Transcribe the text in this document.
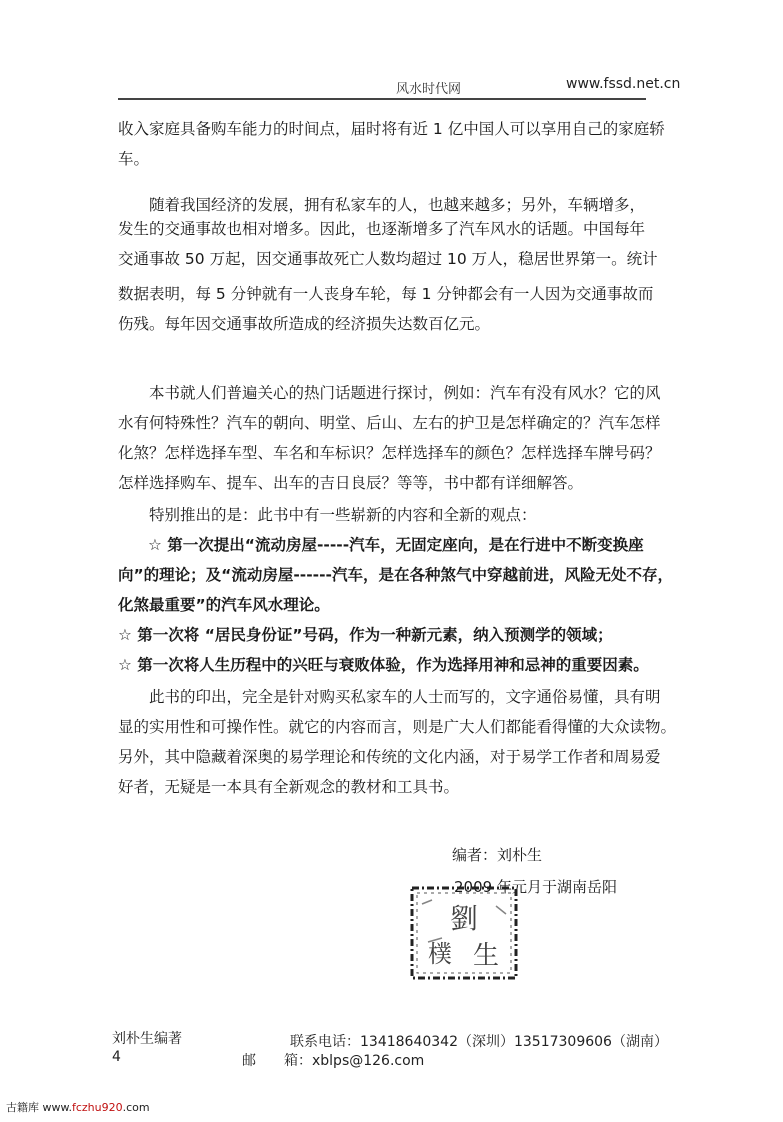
风水时代网	www.fssd.net.cn
收入家庭具备购车能力的时间点，届时将有近 1 亿中国人可以享用自己的家庭轿
车。
随着我国经济的发展，拥有私家车的人，也越来越多；另外，车辆增多，
发生的交通事故也相对增多。因此，也逐渐增多了汽车风水的话题。中国每年
交通事故 50 万起，因交通事故死亡人数均超过 10 万人，稳居世界第一。统计
数据表明，每 5 分钟就有一人丧身车轮，每 1 分钟都会有一人因为交通事故而
伤残。每年因交通事故所造成的经济损失达数百亿元。
本书就人们普遍关心的热门话题进行探讨，例如：汽车有没有风水？它的风
水有何特殊性？汽车的朝向、明堂、后山、左右的护卫是怎样确定的？汽车怎样
化煞？怎样选择车型、车名和车标识？怎样选择车的颜色？怎样选择车牌号码？
怎样选择购车、提车、出车的吉日良辰？等等，书中都有详细解答。
特别推出的是：此书中有一些崭新的内容和全新的观点：
☆ 第一次提出“流动房屋-----汽车，无固定座向，是在行进中不断变换座
向”的理论；及“流动房屋------汽车，是在各种煞气中穿越前进，风险无处不存，
化煞最重要”的汽车风水理论。
☆ 第一次将 “居民身份证”号码，作为一种新元素，纳入预测学的领域；
☆ 第一次将人生历程中的兴旺与衰败体验，作为选择用神和忌神的重要因素。
此书的印出，完全是针对购买私家车的人士而写的，文字通俗易懂，具有明
显的实用性和可操作性。就它的内容而言，则是广大人们都能看得懂的大众读物。
另外，其中隐藏着深奥的易学理论和传统的文化内涵，对于易学工作者和周易爱
好者，无疑是一本具有全新观念的教材和工具书。
编者：刘朴生
2009 年元月于湖南岳阳
劉
樸 生
刘朴生编著
4
联系电话：13418640342（深圳）13517309606（湖南）
邮　　箱：xblps@126.com
古籍库 www.fczhu920.com
